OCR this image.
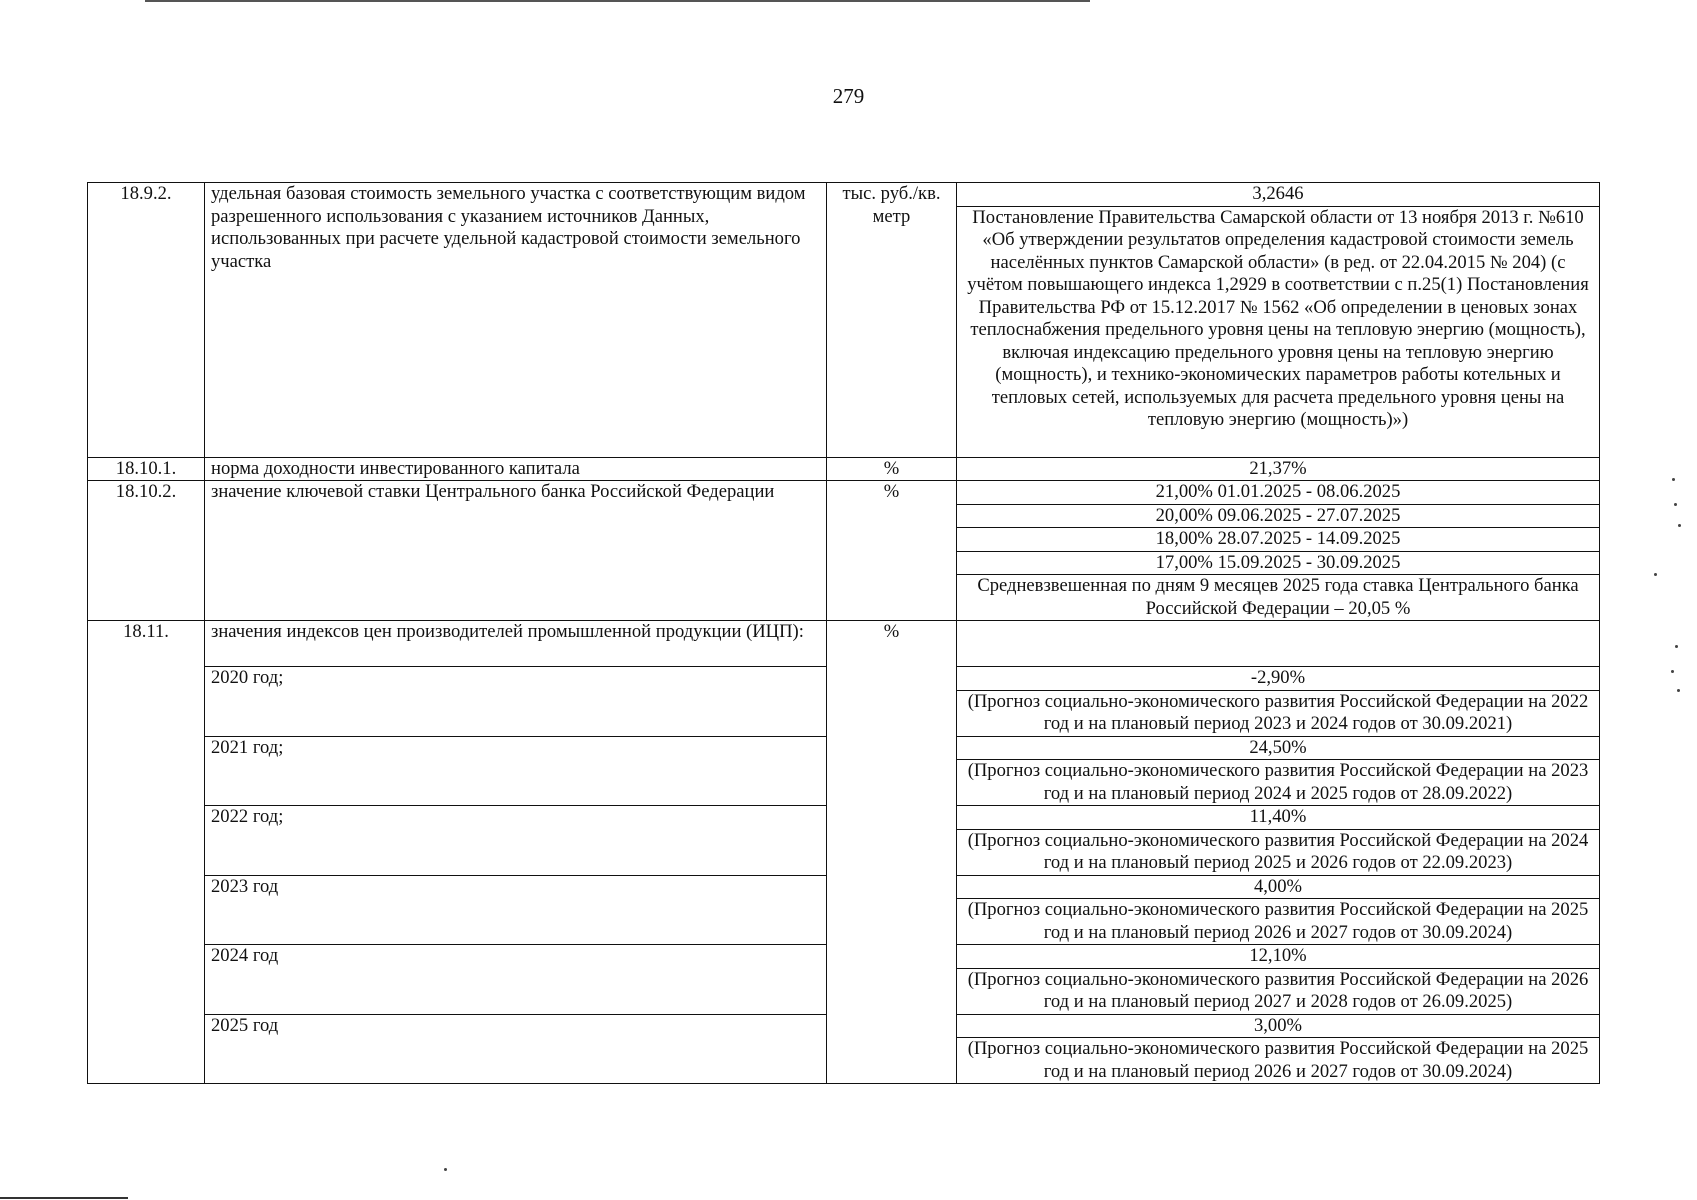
279
18.9.2.	удельная базовая стоимость земельного участка с соответствующим видом разрешенного использования с указанием источников Данных, использованных при расчете удельной кадастровой стоимости земельного участка	тыс. руб./кв. метр	3,2646
			Постановление Правительства Самарской области от 13 ноября 2013 г. №610 «Об утверждении результатов определения кадастровой стоимости земель населённых пунктов Самарской области» (в ред. от 22.04.2015 № 204) (с учётом повышающего индекса 1,2929 в соответствии с п.25(1) Постановления Правительства РФ от 15.12.2017 № 1562 «Об определении в ценовых зонах теплоснабжения предельного уровня цены на тепловую энергию (мощность), включая индексацию предельного уровня цены на тепловую энергию (мощность), и технико-экономических параметров работы котельных и тепловых сетей, используемых для расчета предельного уровня цены на тепловую энергию (мощность)»)
18.10.1.	норма доходности инвестированного капитала	%	21,37%
18.10.2.	значение ключевой ставки Центрального банка Российской Федерации	%	21,00% 01.01.2025 - 08.06.2025
			20,00% 09.06.2025 - 27.07.2025
			18,00% 28.07.2025 - 14.09.2025
			17,00% 15.09.2025 - 30.09.2025
			Средневзвешенная по дням 9 месяцев 2025 года ставка Центрального банка Российской Федерации – 20,05 %
18.11.	значения индексов цен производителей промышленной продукции (ИЦП):	%	
	2020 год;		-2,90%
			(Прогноз социально-экономического развития Российской Федерации на 2022 год и на плановый период 2023 и 2024 годов от 30.09.2021)
	2021 год;		24,50%
			(Прогноз социально-экономического развития Российской Федерации на 2023 год и на плановый период 2024 и 2025 годов от 28.09.2022)
	2022 год;		11,40%
			(Прогноз социально-экономического развития Российской Федерации на 2024 год и на плановый период 2025 и 2026 годов от 22.09.2023)
	2023 год		4,00%
			(Прогноз социально-экономического развития Российской Федерации на 2025 год и на плановый период 2026 и 2027 годов от 30.09.2024)
	2024 год		12,10%
			(Прогноз социально-экономического развития Российской Федерации на 2026 год и на плановый период 2027 и 2028 годов от 26.09.2025)
	2025 год		3,00%
			(Прогноз социально-экономического развития Российской Федерации на 2025 год и на плановый период 2026 и 2027 годов от 30.09.2024)
